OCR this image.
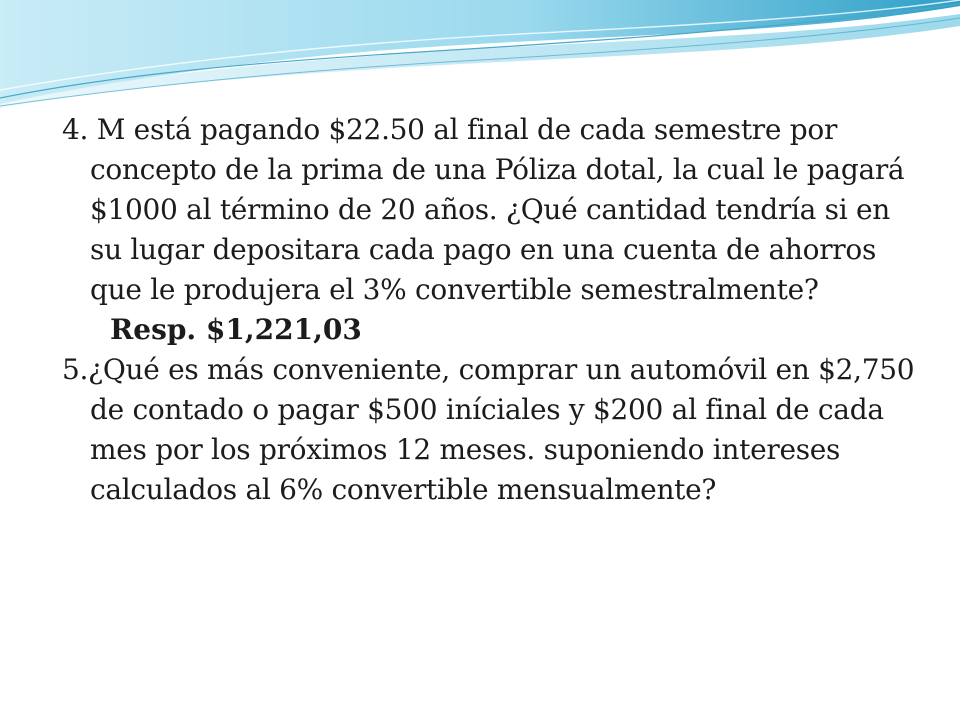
4. M está pagando $22.50 al final de cada semestre por concepto de la prima de una Póliza dotal, la cual le pagará $1000 al término de 20 años. ¿Qué cantidad tendría si en su lugar depositara cada pago en una cuenta de ahorros que le produjera el 3% convertible semestralmente?

Resp. $1,221,03

5.¿Qué es más conveniente, comprar un automóvil en $2,750 de contado o pagar $500 iníciales y $200 al final de cada mes por los próximos 12 meses. suponiendo intereses calculados al 6% convertible mensualmente?
